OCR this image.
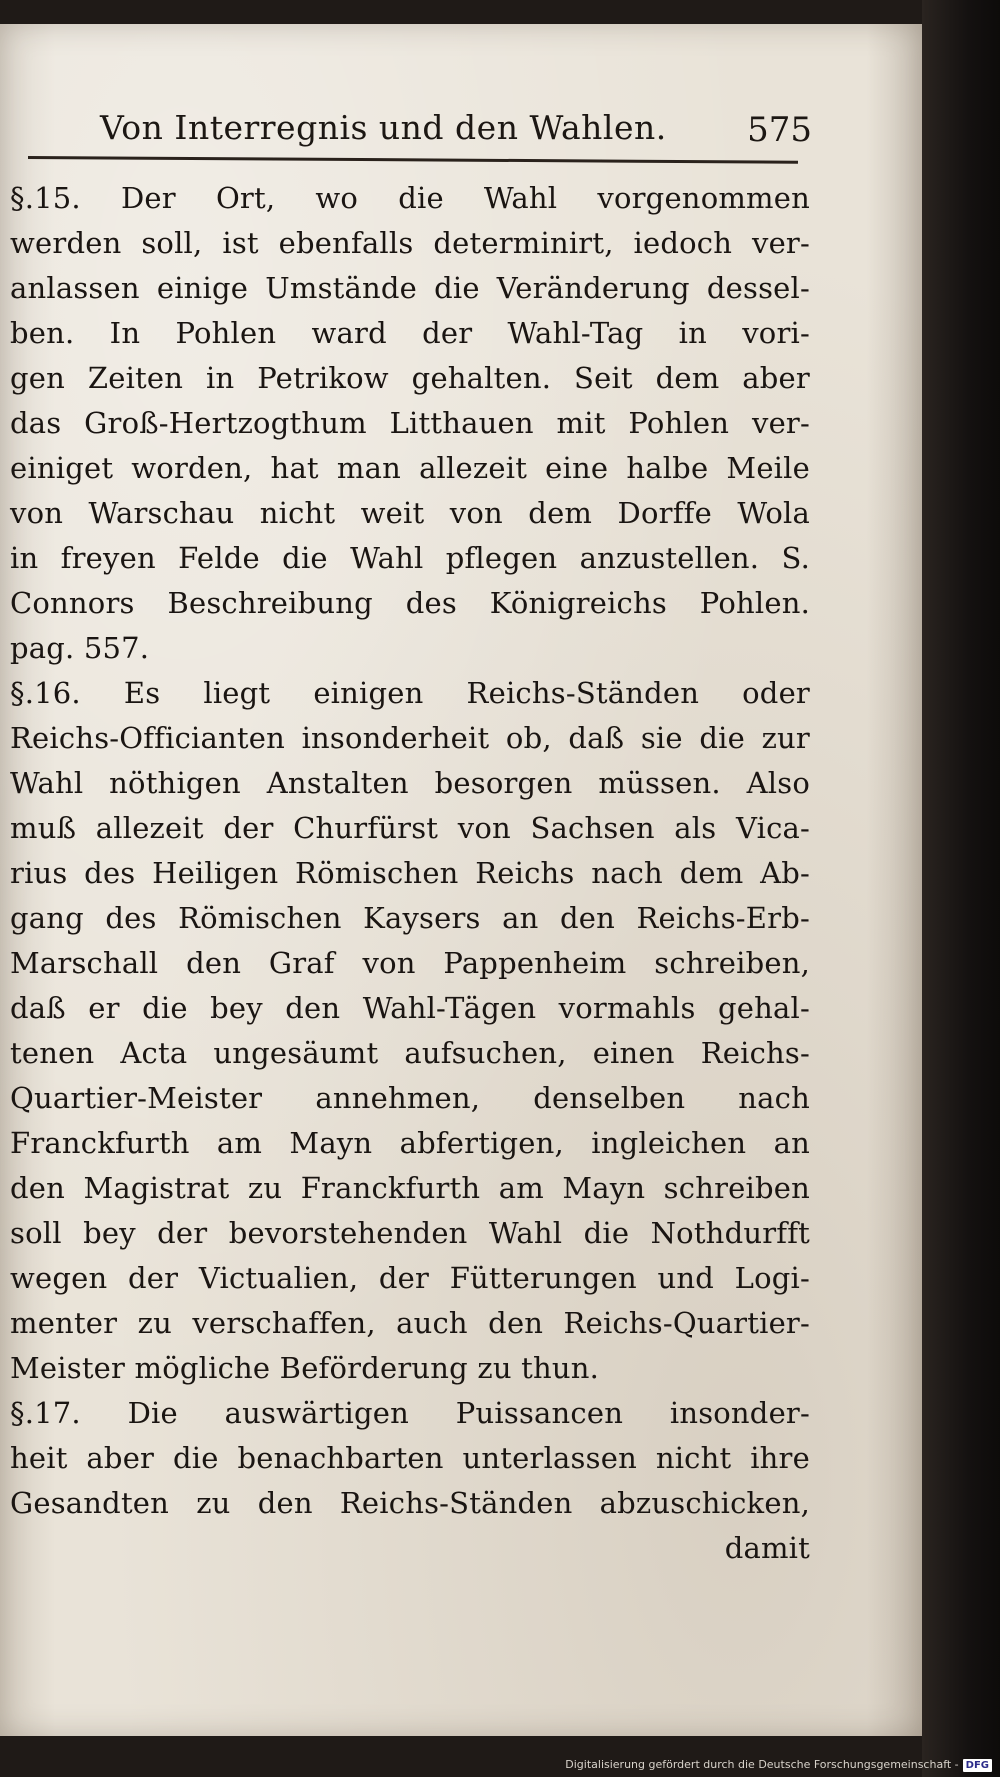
Von Interregnis und den Wahlen. 575
§.15. Der Ort, wo die Wahl vorgenommen
werden soll, ist ebenfalls determinirt, iedoch ver-
anlassen einige Umstände die Veränderung dessel-
ben. In Pohlen ward der Wahl-Tag in vori-
gen Zeiten in Petrikow gehalten. Seit dem aber
das Groß-Hertzogthum Litthauen mit Pohlen ver-
einiget worden, hat man allezeit eine halbe Meile
von Warschau nicht weit von dem Dorffe Wola
in freyen Felde die Wahl pflegen anzustellen. S.
Connors Beschreibung des Königreichs Pohlen.
pag. 557.
§.16. Es liegt einigen Reichs-Ständen oder
Reichs-Officianten insonderheit ob, daß sie die zur
Wahl nöthigen Anstalten besorgen müssen. Also
muß allezeit der Churfürst von Sachsen als Vica-
rius des Heiligen Römischen Reichs nach dem Ab-
gang des Römischen Kaysers an den Reichs-Erb-
Marschall den Graf von Pappenheim schreiben,
daß er die bey den Wahl-Tägen vormahls gehal-
tenen Acta ungesäumt aufsuchen, einen Reichs-
Quartier-Meister annehmen, denselben nach
Franckfurth am Mayn abfertigen, ingleichen an
den Magistrat zu Franckfurth am Mayn schreiben
soll bey der bevorstehenden Wahl die Nothdurfft
wegen der Victualien, der Fütterungen und Logi-
menter zu verschaffen, auch den Reichs-Quartier-
Meister mögliche Beförderung zu thun.
§.17. Die auswärtigen Puissancen insonder-
heit aber die benachbarten unterlassen nicht ihre
Gesandten zu den Reichs-Ständen abzuschicken,
damit
Digitalisierung gefördert durch die Deutsche Forschungsgemeinschaft - DFG
